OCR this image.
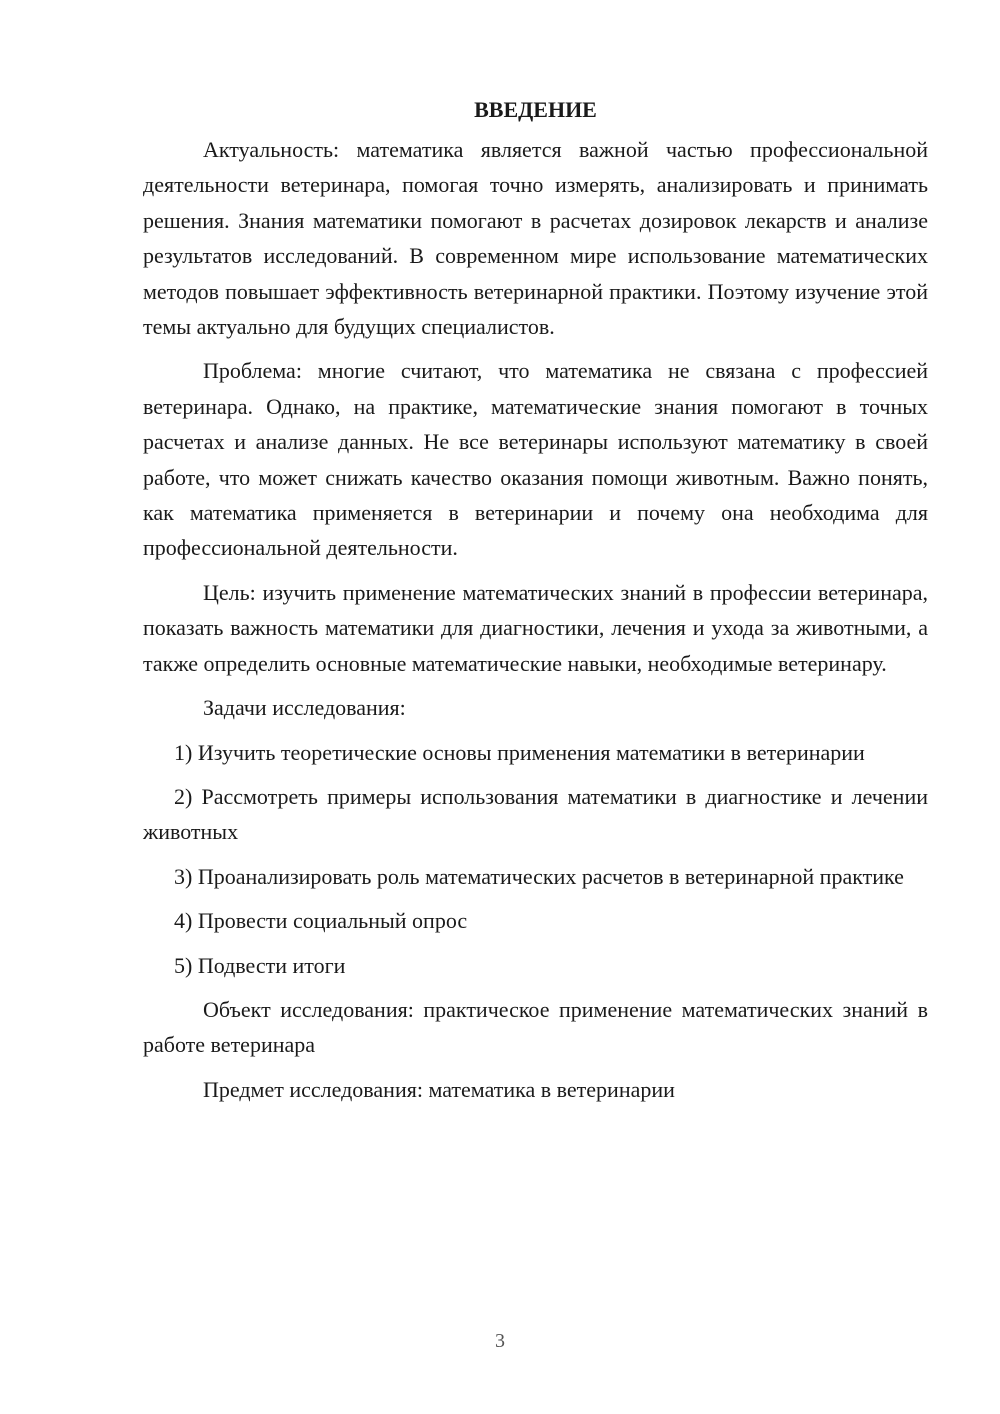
ВВЕДЕНИЕ

Актуальность: математика является важной частью профессиональной деятельности ветеринара, помогая точно измерять, анализировать и принимать решения. Знания математики помогают в расчетах дозировок лекарств и анализе результатов исследований. В современном мире использование математических методов повышает эффективность ветеринарной практики. Поэтому изучение этой темы актуально для будущих специалистов.

Проблема: многие считают, что математика не связана с профессией ветеринара. Однако, на практике, математические знания помогают в точных расчетах и анализе данных. Не все ветеринары используют математику в своей работе, что может снижать качество оказания помощи животным. Важно понять, как математика применяется в ветеринарии и почему она необходима для профессиональной деятельности.

Цель: изучить применение математических знаний в профессии ветеринара, показать важность математики для диагностики, лечения и ухода за животными, а также определить основные математические навыки, необходимые ветеринару.

Задачи исследования:

1) Изучить теоретические основы применения математики в ветеринарии

2) Рассмотреть примеры использования математики в диагностике и лечении животных

3) Проанализировать роль математических расчетов в ветеринарной практике

4) Провести социальный опрос

5) Подвести итоги

Объект исследования: практическое применение математических знаний в работе ветеринара

Предмет исследования: математика в ветеринарии

3
